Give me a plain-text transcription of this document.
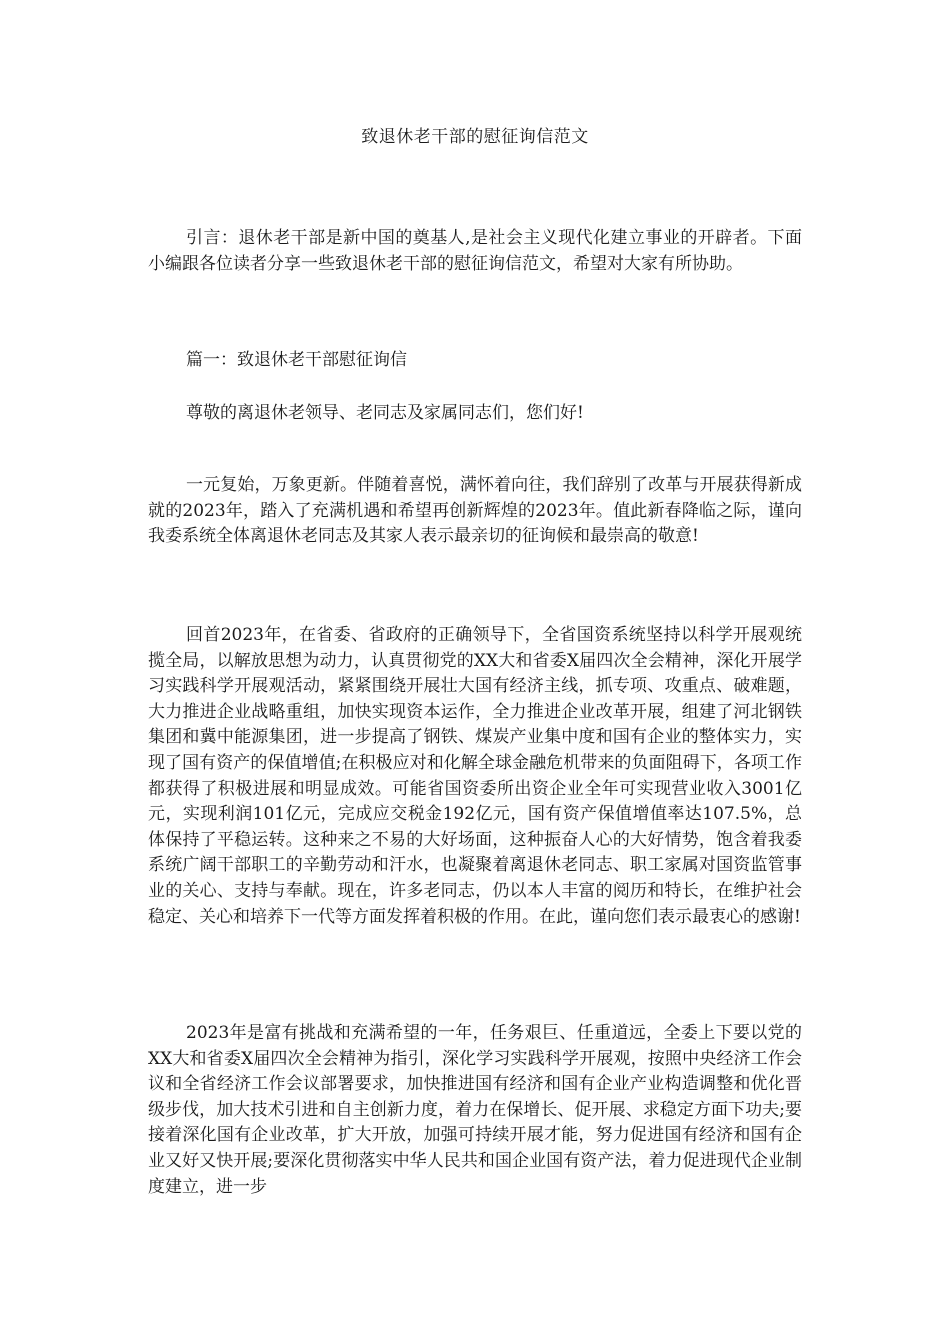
致退休老干部的慰征询信范文

引言：退休老干部是新中国的奠基人,是社会主义现代化建立事业的开辟者。下面小编跟各位读者分享一些致退休老干部的慰征询信范文，希望对大家有所协助。

篇一：致退休老干部慰征询信

尊敬的离退休老领导、老同志及家属同志们，您们好!

一元复始，万象更新。伴随着喜悦，满怀着向往，我们辞别了改革与开展获得新成就的2023年，踏入了充满机遇和希望再创新辉煌的2023年。值此新春降临之际，谨向我委系统全体离退休老同志及其家人表示最亲切的征询候和最崇高的敬意!

回首2023年，在省委、省政府的正确领导下，全省国资系统坚持以科学开展观统揽全局，以解放思想为动力，认真贯彻党的XX大和省委X届四次全会精神，深化开展学习实践科学开展观活动，紧紧围绕开展壮大国有经济主线，抓专项、攻重点、破难题，大力推进企业战略重组，加快实现资本运作，全力推进企业改革开展，组建了河北钢铁集团和冀中能源集团，进一步提高了钢铁、煤炭产业集中度和国有企业的整体实力，实现了国有资产的保值增值;在积极应对和化解全球金融危机带来的负面阻碍下，各项工作都获得了积极进展和明显成效。可能省国资委所出资企业全年可实现营业收入3001亿元，实现利润101亿元，完成应交税金192亿元，国有资产保值增值率达107.5%，总体保持了平稳运转。这种来之不易的大好场面，这种振奋人心的大好情势，饱含着我委系统广阔干部职工的辛勤劳动和汗水，也凝聚着离退休老同志、职工家属对国资监管事业的关心、支持与奉献。现在，许多老同志，仍以本人丰富的阅历和特长，在维护社会稳定、关心和培养下一代等方面发挥着积极的作用。在此，谨向您们表示最衷心的感谢!

2023年是富有挑战和充满希望的一年，任务艰巨、任重道远，全委上下要以党的XX大和省委X届四次全会精神为指引，深化学习实践科学开展观，按照中央经济工作会议和全省经济工作会议部署要求，加快推进国有经济和国有企业产业构造调整和优化晋级步伐，加大技术引进和自主创新力度，着力在保增长、促开展、求稳定方面下功夫;要接着深化国有企业改革，扩大开放，加强可持续开展才能，努力促进国有经济和国有企业又好又快开展;要深化贯彻落实中华人民共和国企业国有资产法，着力促进现代企业制度建立，进一步
